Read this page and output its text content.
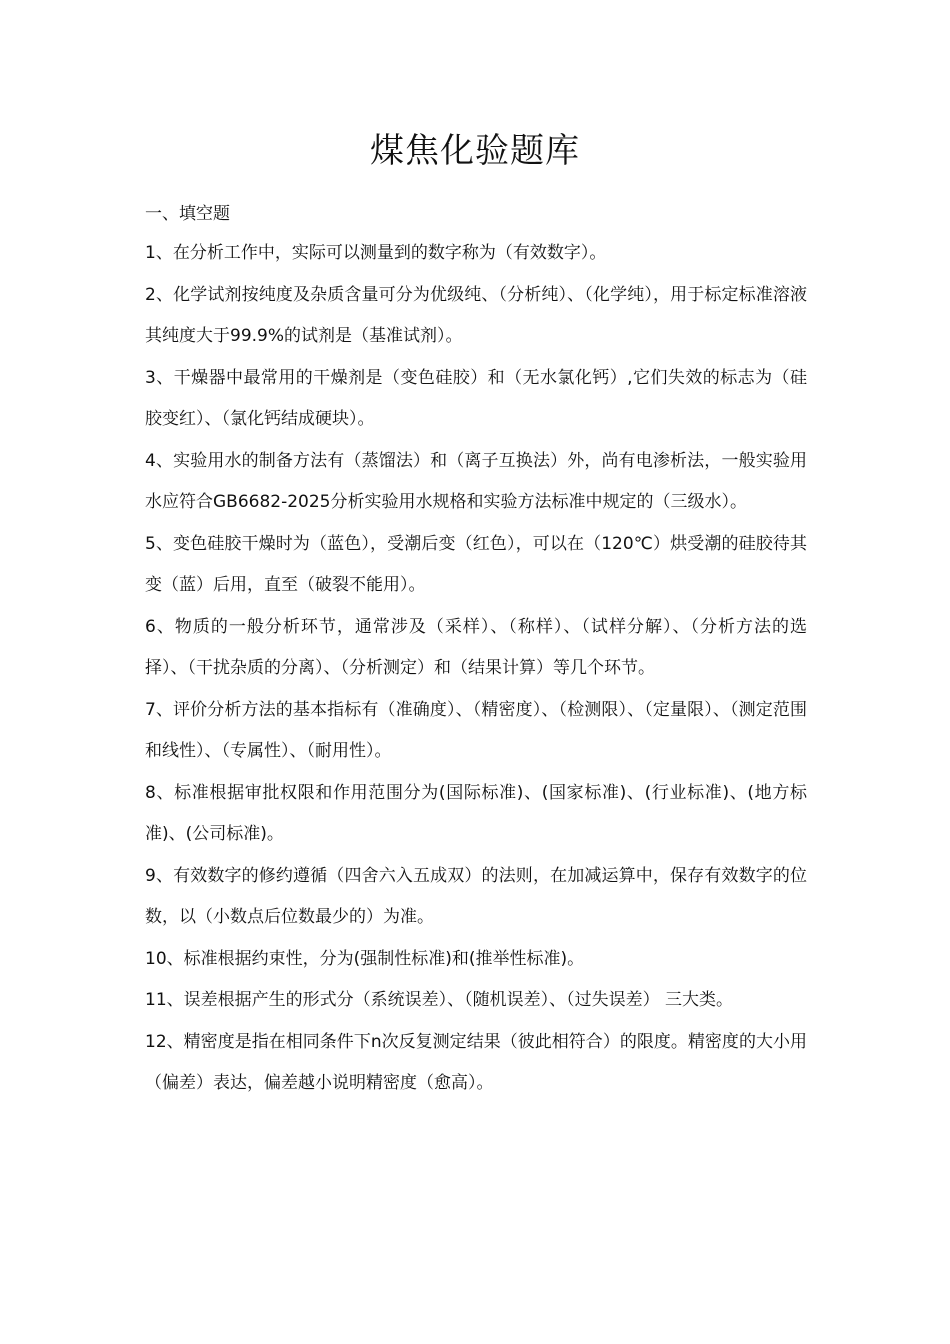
煤焦化验题库

一、填空题

1、在分析工作中，实际可以测量到的数字称为（有效数字）。

2、化学试剂按纯度及杂质含量可分为优级纯、（分析纯）、（化学纯），用于标定标准溶液其纯度大于99.9%的试剂是（基准试剂）。

3、干燥器中最常用的干燥剂是（变色硅胶）和（无水氯化钙）,它们失效的标志为（硅胶变红）、（氯化钙结成硬块）。

4、实验用水的制备方法有（蒸馏法）和（离子互换法）外，尚有电渗析法，一般实验用水应符合GB6682-2025分析实验用水规格和实验方法标准中规定的（三级水）。

5、变色硅胶干燥时为（蓝色），受潮后变（红色），可以在（120℃）烘受潮的硅胶待其变（蓝）后用，直至（破裂不能用）。

6、物质的一般分析环节，通常涉及（采样）、（称样）、（试样分解）、（分析方法的选择）、（干扰杂质的分离）、（分析测定）和（结果计算）等几个环节。

7、评价分析方法的基本指标有（准确度）、（精密度）、（检测限）、（定量限）、（测定范围和线性）、（专属性）、（耐用性）。

8、标准根据审批权限和作用范围分为(国际标准)、(国家标准)、(行业标准)、(地方标准)、(公司标准)。

9、有效数字的修约遵循（四舍六入五成双）的法则，在加减运算中，保存有效数字的位数，以（小数点后位数最少的）为准。

10、标准根据约束性，分为(强制性标准)和(推举性标准)。

11、误差根据产生的形式分（系统误差）、（随机误差）、（过失误差） 三大类。

12、精密度是指在相同条件下n次反复测定结果（彼此相符合）的限度。精密度的大小用（偏差）表达，偏差越小说明精密度（愈高）。
